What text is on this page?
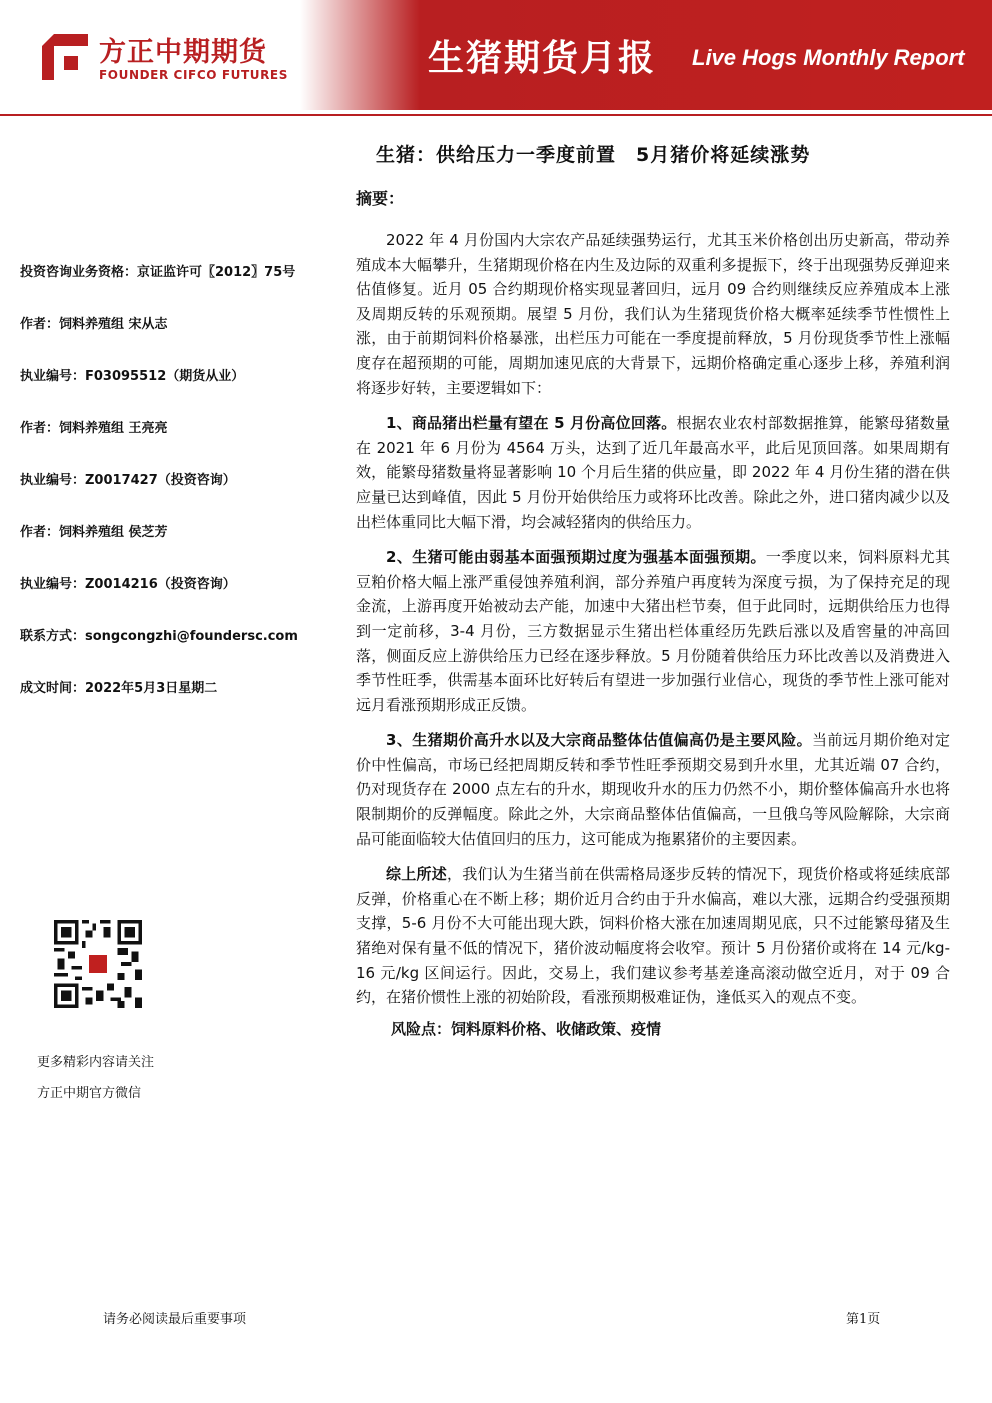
方正中期期货
FOUNDER CIFCO FUTURES	生猪期货月报 Live Hogs Monthly Report
生猪：供给压力一季度前置　5月猪价将延续涨势
摘要：
投资咨询业务资格：京证监许可〖2012〗75号
作者：饲料养殖组 宋从志
执业编号：F03095512（期货从业）
作者：饲料养殖组 王亮亮
执业编号：Z0017427（投资咨询）
作者：饲料养殖组 侯芝芳
执业编号：Z0014216（投资咨询）
联系方式：songcongzhi@foundersc.com
成文时间：2022年5月3日星期二
更多精彩内容请关注
方正中期官方微信

2022 年 4 月份国内大宗农产品延续强势运行，尤其玉米价格创出历史新高，带动养殖成本大幅攀升，生猪期现价格在内生及边际的双重利多提振下，终于出现强势反弹迎来估值修复。近月 05 合约期现价格实现显著回归，远月 09 合约则继续反应养殖成本上涨及周期反转的乐观预期。展望 5 月份，我们认为生猪现货价格大概率延续季节性惯性上涨，由于前期饲料价格暴涨，出栏压力可能在一季度提前释放，5 月份现货季节性上涨幅度存在超预期的可能，周期加速见底的大背景下，远期价格确定重心逐步上移，养殖利润将逐步好转，主要逻辑如下：

1、商品猪出栏量有望在 5 月份高位回落。根据农业农村部数据推算，能繁母猪数量在 2021 年 6 月份为 4564 万头，达到了近几年最高水平，此后见顶回落。如果周期有效，能繁母猪数量将显著影响 10 个月后生猪的供应量，即 2022 年 4 月份生猪的潜在供应量已达到峰值，因此 5 月份开始供给压力或将环比改善。除此之外，进口猪肉减少以及出栏体重同比大幅下滑，均会减轻猪肉的供给压力。

2、生猪可能由弱基本面强预期过度为强基本面强预期。一季度以来，饲料原料尤其豆粕价格大幅上涨严重侵蚀养殖利润，部分养殖户再度转为深度亏损，为了保持充足的现金流，上游再度开始被动去产能，加速中大猪出栏节奏，但于此同时，远期供给压力也得到一定前移，3-4 月份，三方数据显示生猪出栏体重经历先跌后涨以及盾窖量的冲高回落，侧面反应上游供给压力已经在逐步释放。5 月份随着供给压力环比改善以及消费进入季节性旺季，供需基本面环比好转后有望进一步加强行业信心，现货的季节性上涨可能对远月看涨预期形成正反馈。

3、生猪期价高升水以及大宗商品整体估值偏高仍是主要风险。当前远月期价绝对定价中性偏高，市场已经把周期反转和季节性旺季预期交易到升水里，尤其近端 07 合约，仍对现货存在 2000 点左右的升水，期现收升水的压力仍然不小，期价整体偏高升水也将限制期价的反弹幅度。除此之外，大宗商品整体估值偏高，一旦俄乌等风险解除，大宗商品可能面临较大估值回归的压力，这可能成为拖累猪价的主要因素。

综上所述，我们认为生猪当前在供需格局逐步反转的情况下，现货价格或将延续底部反弹，价格重心在不断上移；期价近月合约由于升水偏高，难以大涨，远期合约受强预期支撑，5-6 月份不大可能出现大跌，饲料价格大涨在加速周期见底，只不过能繁母猪及生猪绝对保有量不低的情况下，猪价波动幅度将会收窄。预计 5 月份猪价或将在 14 元/kg-16 元/kg 区间运行。因此，交易上，我们建议参考基差逢高滚动做空近月，对于 09 合约，在猪价惯性上涨的初始阶段，看涨预期极难证伪，逢低买入的观点不变。

风险点：饲料原料价格、收储政策、疫情

请务必阅读最后重要事项	第1页
